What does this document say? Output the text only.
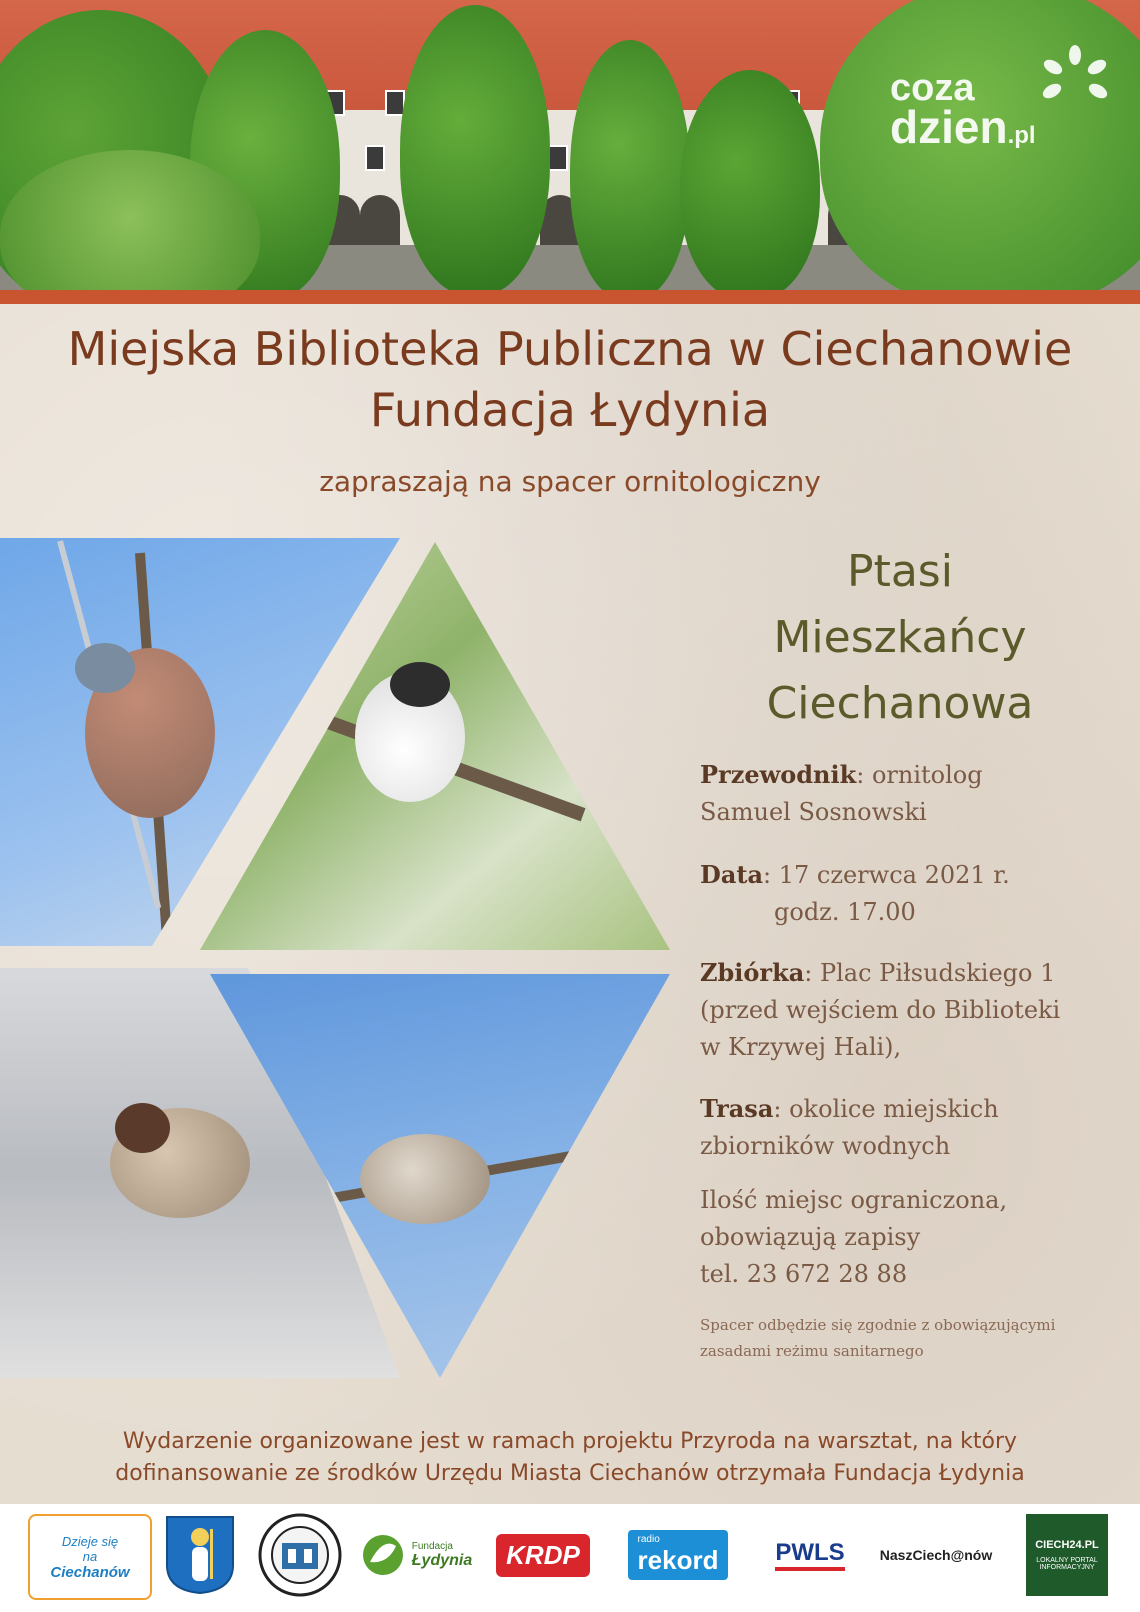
coza
dzien.pl
Miejska Biblioteka Publiczna w Ciechanowie
Fundacja Łydynia
zapraszają na spacer ornitologiczny
Ptasi
Mieszkańcy
Ciechanowa
Przewodnik: ornitolog
Samuel Sosnowski
Data: 17 czerwca 2021 r.
godz. 17.00
Zbiórka: Plac Piłsudskiego 1
(przed wejściem do Biblioteki
w Krzywej Hali),
Trasa: okolice miejskich
zbiorników wodnych
Ilość miejsc ograniczona,
obowiązują zapisy
tel. 23 672 28 88
Spacer odbędzie się zgodnie z obowiązującymi
zasadami reżimu sanitarnego
Wydarzenie organizowane jest w ramach projektu Przyroda na warsztat, na który
dofinansowanie ze środków Urzędu Miasta Ciechanów otrzymała Fundacja Łydynia
Dzieje się
na
Ciechanów
Fundacja
Łydynia	KRDP	radio
rekord PWLS	NaszCiech@nów
CIECH24.PL
LOKALNY PORTAL INFORMACYJNY
